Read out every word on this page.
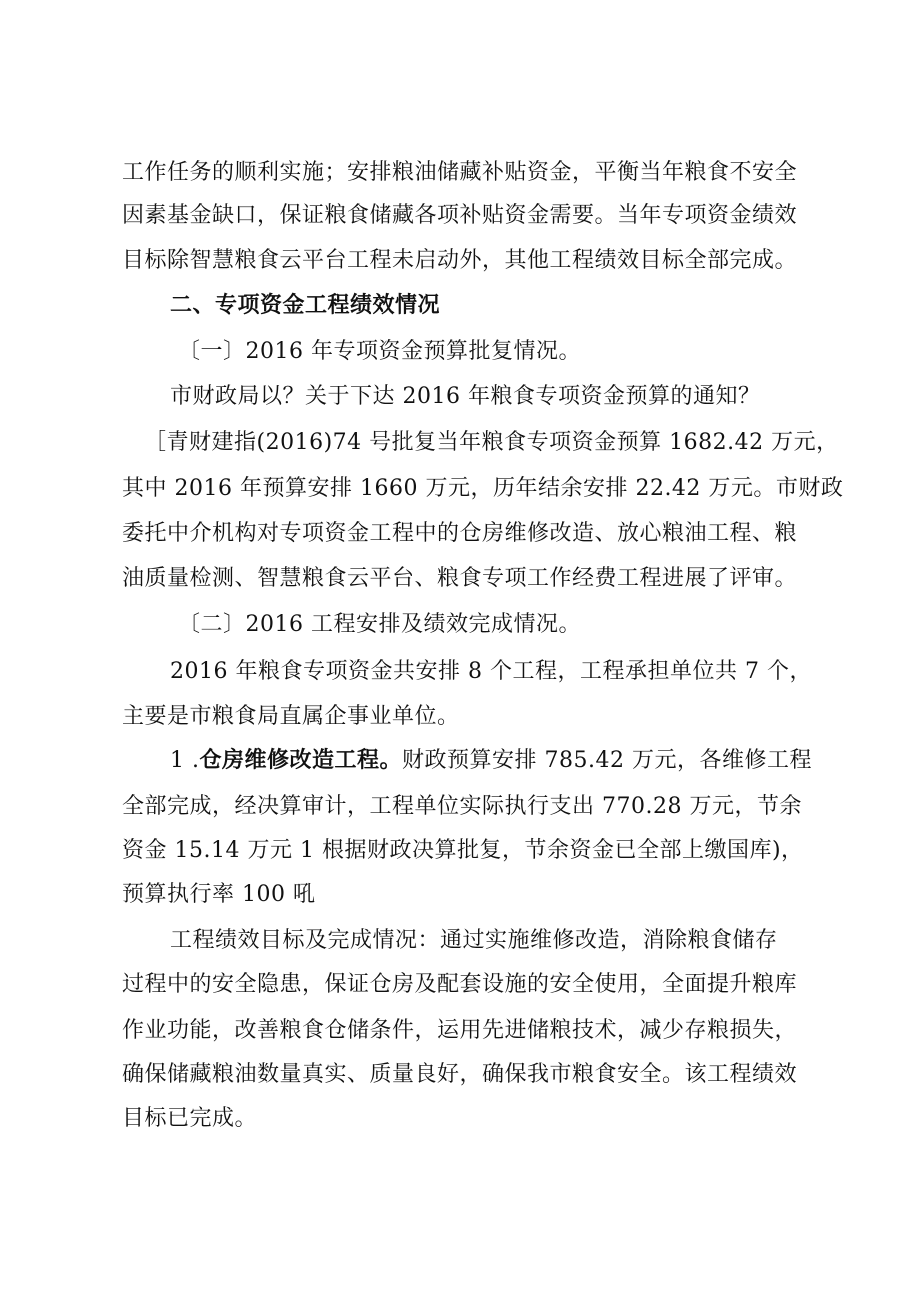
工作任务的顺利实施；安排粮油储藏补贴资金，平衡当年粮食不安全
因素基金缺口，保证粮食储藏各项补贴资金需要。当年专项资金绩效
目标除智慧粮食云平台工程未启动外，其他工程绩效目标全部完成。
二、专项资金工程绩效情况
〔一〕2016 年专项资金预算批复情况。
市财政局以？关于下达 2016 年粮食专项资金预算的通知？
［青财建指(2016)74 号批复当年粮食专项资金预算 1682.42 万元，
其中 2016 年预算安排 1660 万元，历年结余安排 22.42 万元。市财政
委托中介机构对专项资金工程中的仓房维修改造、放心粮油工程、粮
油质量检测、智慧粮食云平台、粮食专项工作经费工程进展了评审。
〔二〕2016 工程安排及绩效完成情况。
2016 年粮食专项资金共安排 8 个工程，工程承担单位共 7 个，
主要是市粮食局直属企事业单位。
1 .仓房维修改造工程。财政预算安排 785.42 万元，各维修工程
全部完成，经决算审计，工程单位实际执行支出 770.28 万元，节余
资金 15.14 万元 1 根据财政决算批复，节余资金已全部上缴国库)，
预算执行率 100 吼
工程绩效目标及完成情况：通过实施维修改造，消除粮食储存
过程中的安全隐患，保证仓房及配套设施的安全使用，全面提升粮库
作业功能，改善粮食仓储条件，运用先进储粮技术，减少存粮损失，
确保储藏粮油数量真实、质量良好，确保我市粮食安全。该工程绩效
目标已完成。
